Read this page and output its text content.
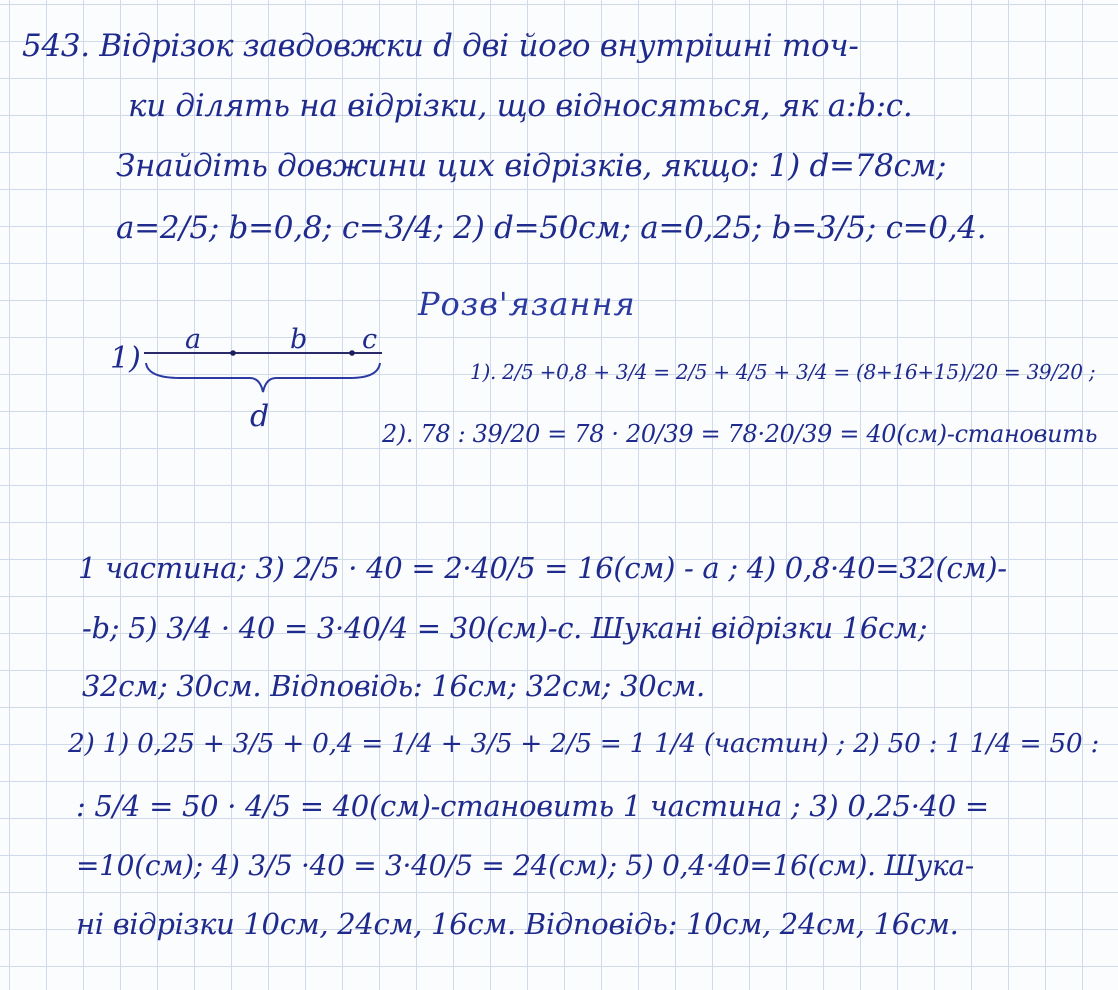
543. Відрізок завдовжки d дві його внутрішні точ-

ки ділять на відрізки, що відносяться, як a:b:c.

Знайдіть довжини цих відрізків, якщо: 1) d=78см;

a=2/5; b=0,8; c=3/4; 2) d=50см; a=0,25; b=3/5; c=0,4.

Розв'язання
1)
a	b c
d

1). 2/5 +0,8 + 3/4 = 2/5 + 4/5 + 3/4 = (8+16+15)/20 = 39/20 ;

2). 78 : 39/20 = 78 · 20/39 = 78·20/39 = 40(см)-становить

1 частина; 3) 2/5 · 40 = 2·40/5 = 16(см) - a ; 4) 0,8·40=32(см)-

-b; 5) 3/4 · 40 = 3·40/4 = 30(см)-c. Шукані відрізки 16см;

32см; 30см. Відповідь: 16см; 32см; 30см.

2) 1) 0,25 + 3/5 + 0,4 = 1/4 + 3/5 + 2/5 = 1 1/4 (частин) ; 2) 50 : 1 1/4 = 50 :

: 5/4 = 50 · 4/5 = 40(см)-становить 1 частина ; 3) 0,25·40 =

=10(см); 4) 3/5 ·40 = 3·40/5 = 24(см); 5) 0,4·40=16(см). Шука-

ні відрізки 10см, 24см, 16см. Відповідь: 10см, 24см, 16см.
